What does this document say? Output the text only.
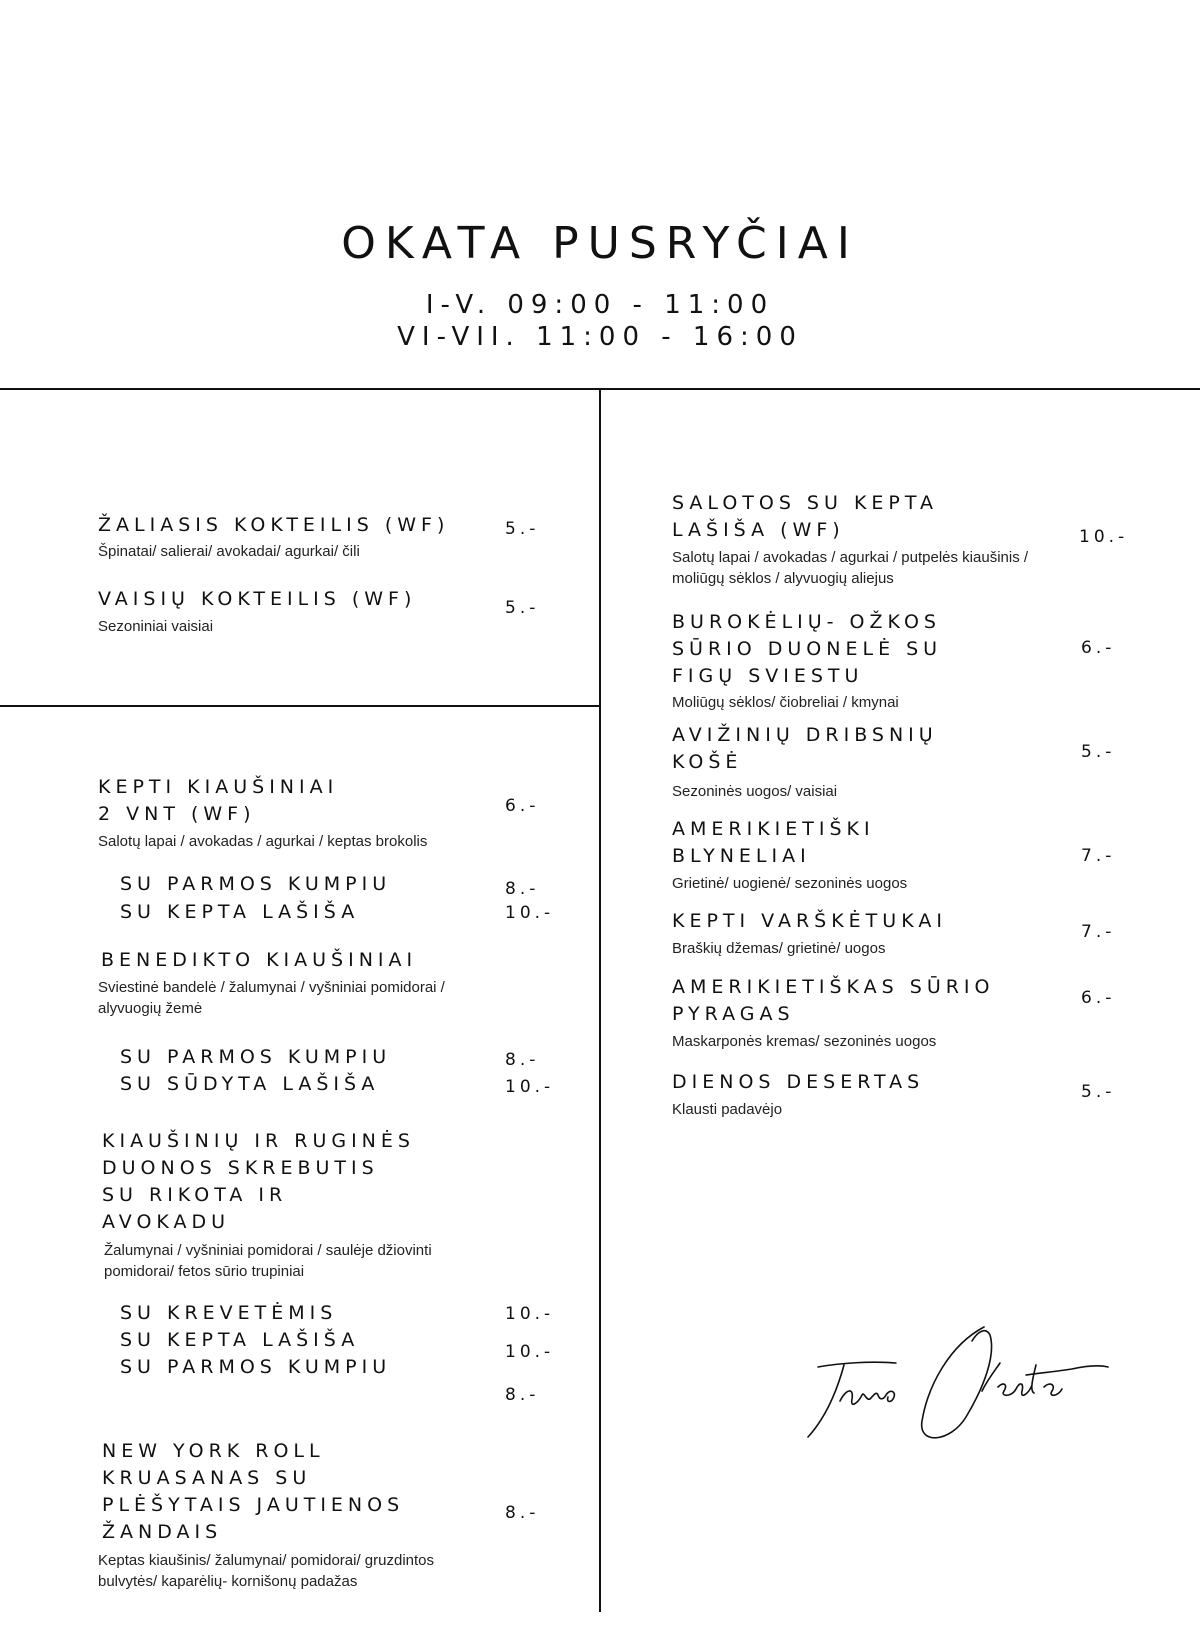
OKATA PUSRYČIAI
I-V. 09:00 - 11:00
VI-VII. 11:00 - 16:00
ŽALIASIS KOKTEILIS (WF)
Špinatai/ salierai/ avokadai/ agurkai/ čili
5.-
VAISIŲ KOKTEILIS (WF)
Sezoniniai vaisiai
5.-
KEPTI KIAUŠINIAI
2 VNT (WF)
Salotų lapai / avokadas / agurkai / keptas brokolis
6.-
SU PARMOS KUMPIU	8.-
SU KEPTA LAŠIŠA	10.-
BENEDIKTO KIAUŠINIAI
Sviestinė bandelė / žalumynai / vyšniniai pomidorai /
alyvuogių žemė
SU PARMOS KUMPIU	8.-
SU SŪDYTA LAŠIŠA	10.-
KIAUŠINIŲ IR RUGINĖS
DUONOS SKREBUTIS
SU RIKOTA IR
AVOKADU
Žalumynai / vyšniniai pomidorai / saulėje džiovinti
pomidorai/ fetos sūrio trupiniai
SU KREVETĖMIS	10.-
SU KEPTA LAŠIŠA
10.-
SU PARMOS KUMPIU
8.-
NEW YORK ROLL
KRUASANAS SU
PLĖŠYTAIS JAUTIENOS
ŽANDAIS
Keptas kiaušinis/ žalumynai/ pomidorai/ gruzdintos
bulvytės/ kaparėlių- kornišonų padažas
8.-
SALOTOS SU KEPTA
LAŠIŠA (WF)
Salotų lapai / avokadas / agurkai / putpelės kiaušinis /
moliūgų sėklos / alyvuogių aliejus
10.-
BUROKĖLIŲ- OŽKOS
SŪRIO DUONELĖ SU
FIGŲ SVIESTU
Moliūgų sėklos/ čiobreliai / kmynai
6.-
AVIŽINIŲ DRIBSNIŲ
KOŠĖ
Sezoninės uogos/ vaisiai
5.-
AMERIKIETIŠKI
BLYNELIAI
Grietinė/ uogienė/ sezoninės uogos
7.-
KEPTI VARŠKĖTUKAI
Braškių džemas/ grietinė/ uogos
7.-
AMERIKIETIŠKAS SŪRIO
PYRAGAS
Maskarponės kremas/ sezoninės uogos
6.-
DIENOS DESERTAS
Klausti padavėjo
5.-
